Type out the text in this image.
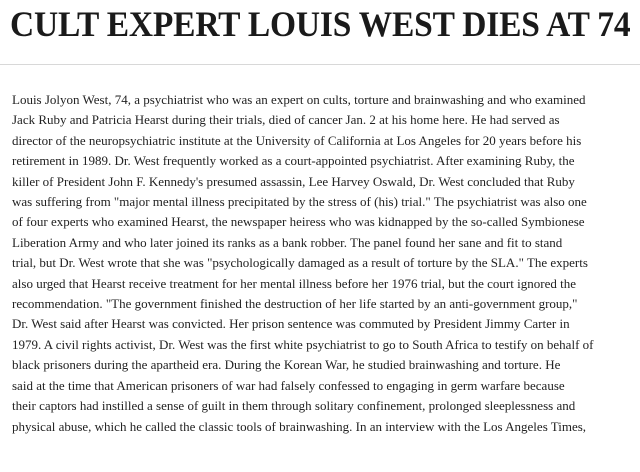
CULT EXPERT LOUIS WEST DIES AT 74
Louis Jolyon West, 74, a psychiatrist who was an expert on cults, torture and brainwashing and who examined
Jack Ruby and Patricia Hearst during their trials, died of cancer Jan. 2 at his home here. He had served as
director of the neuropsychiatric institute at the University of California at Los Angeles for 20 years before his
retirement in 1989. Dr. West frequently worked as a court-appointed psychiatrist. After examining Ruby, the
killer of President John F. Kennedy's presumed assassin, Lee Harvey Oswald, Dr. West concluded that Ruby
was suffering from "major mental illness precipitated by the stress of (his) trial." The psychiatrist was also one
of four experts who examined Hearst, the newspaper heiress who was kidnapped by the so-called Symbionese
Liberation Army and who later joined its ranks as a bank robber. The panel found her sane and fit to stand
trial, but Dr. West wrote that she was "psychologically damaged as a result of torture by the SLA." The experts
also urged that Hearst receive treatment for her mental illness before her 1976 trial, but the court ignored the
recommendation. "The government finished the destruction of her life started by an anti-government group,"
Dr. West said after Hearst was convicted. Her prison sentence was commuted by President Jimmy Carter in
1979. A civil rights activist, Dr. West was the first white psychiatrist to go to South Africa to testify on behalf of
black prisoners during the apartheid era. During the Korean War, he studied brainwashing and torture. He
said at the time that American prisoners of war had falsely confessed to engaging in germ warfare because
their captors had instilled a sense of guilt in them through solitary confinement, prolonged sleeplessness and
physical abuse, which he called the classic tools of brainwashing. In an interview with the Los Angeles Times,
